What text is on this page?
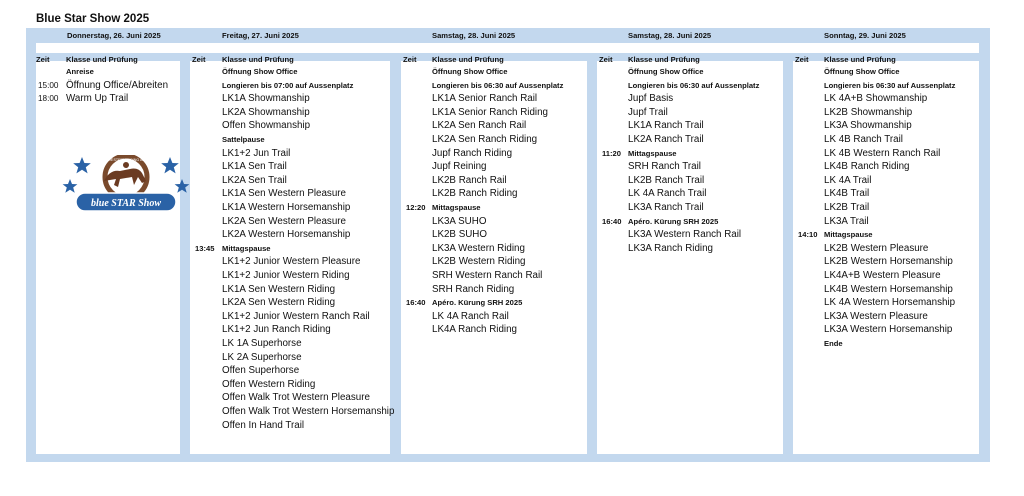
Blue Star Show 2025
Donnerstag, 26. Juni 2025
Zeit Klasse und Prüfung
Anreise
15:00 Öffnung Office/Abreiten
18:00 Warm Up Trail
Freitag, 27. Juni 2025
Zeit Klasse und Prüfung
Öffnung Show Office
Longieren bis 07:00 auf Aussenplatz
LK1A Showmanship
LK2A Showmanship
Offen Showmanship
Sattelpause
LK1+2 Jun Trail
LK1A Sen Trail
LK2A Sen Trail
LK1A Sen Western Pleasure
LK1A Western Horsemanship
LK2A Sen Western Pleasure
LK2A Western Horsemanship
13:45 Mittagspause
LK1+2 Junior Western Pleasure
LK1+2 Junior Western Riding
LK1A Sen Western Riding
LK2A Sen Western Riding
LK1+2 Junior Western Ranch Rail
LK1+2 Jun Ranch Riding
LK 1A Superhorse
LK 2A Superhorse
Offen Superhorse
Offen Western Riding
Offen Walk Trot Western Pleasure
Offen Walk Trot Western Horsemanship
Offen In Hand Trail
Samstag, 28. Juni 2025
Zeit Klasse und Prüfung
Öffnung Show Office
Longieren bis 06:30 auf Aussenplatz
LK1A Senior Ranch Rail
LK1A Senior Ranch Riding
LK2A Sen Ranch Rail
LK2A Sen Ranch Riding
Jupf Ranch Riding
Jupf Reining
LK2B Ranch Rail
LK2B Ranch Riding
12:20 Mittagspause
LK3A SUHO
LK2B SUHO
LK3A Western Riding
LK2B Western Riding
SRH Western Ranch Rail
SRH Ranch Riding
16:40 Apéro. Kürung SRH 2025
LK 4A Ranch Rail
LK4A Ranch Riding
Samstag, 28. Juni 2025
Zeit Klasse und Prüfung
Öffnung Show Office
Longieren bis 06:30 auf Aussenplatz
Jupf Basis
Jupf Trail
LK1A Ranch Trail
LK2A Ranch Trail
11:20 Mittagspause
SRH Ranch Trail
LK2B Ranch Trail
LK 4A Ranch Trail
LK3A Ranch Trail
16:40 Apéro. Kürung SRH 2025
LK3A Western Ranch Rail
LK3A Ranch Riding
Sonntag, 29. Juni 2025
Zeit Klasse und Prüfung
Öffnung Show Office
Longieren bis 06:30 auf Aussenplatz
LK 4A+B Showmanship
LK2B Showmanship
LK3A Showmanship
LK 4B Ranch Trail
LK 4B Western Ranch Rail
LK4B Ranch Riding
LK 4A Trail
LK4B Trail
LK2B Trail
LK3A Trail
14:10 Mittagspause
LK2B Western Pleasure
LK2B Western Horsemanship
LK4A+B Western Pleasure
LK4B Western Horsemanship
LK 4A Western Horsemanship
LK3A Western Pleasure
LK3A Western Horsemanship
Ende
AMERICAN WESTERN RIDING ASSOCIATION
blue STAR Show
